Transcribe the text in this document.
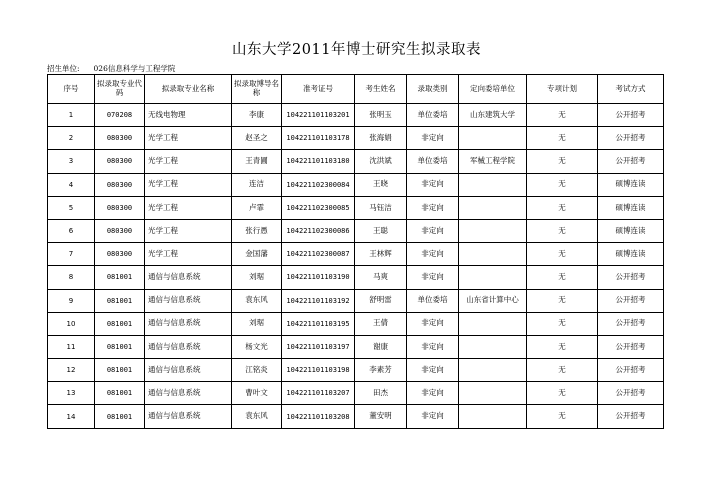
山东大学2011年博士研究生拟录取表
招生单位: 026信息科学与工程学院
序号	拟录取专业代码	拟录取专业名称	拟录取博导名称	准考证号	考生姓名	录取类别	定向委培单位	专项计划	考试方式
1	070208	无线电物理	李康	104221101103201	张明玉	单位委培	山东建筑大学	无	公开招考
2	080300	光学工程	赵圣之	104221101103178	张海娟	非定向		无	公开招考
3	080300	光学工程	王青圃	104221101103180	沈洪斌	单位委培	军械工程学院	无	公开招考
4	080300	光学工程	连洁	104221102300084	王晓	非定向		无	硕博连读
5	080300	光学工程	卢霏	104221102300085	马钰洁	非定向		无	硕博连读
6	080300	光学工程	张行愚	104221102300086	王聪	非定向		无	硕博连读
7	080300	光学工程	金国藩	104221102300087	王林辉	非定向		无	硕博连读
8	081001	通信与信息系统	刘琚	104221101103190	马爽	非定向		无	公开招考
9	081001	通信与信息系统	袁东风	104221101103192	舒明雷	单位委培	山东省计算中心	无	公开招考
10	081001	通信与信息系统	刘琚	104221101103195	王倩	非定向		无	公开招考
11	081001	通信与信息系统	杨文光	104221101103197	谢康	非定向		无	公开招考
12	081001	通信与信息系统	江铭炎	104221101103198	李素芳	非定向		无	公开招考
13	081001	通信与信息系统	曹叶文	104221101103207	田杰	非定向		无	公开招考
14	081001	通信与信息系统	袁东风	104221101103208	董安明	非定向		无	公开招考
